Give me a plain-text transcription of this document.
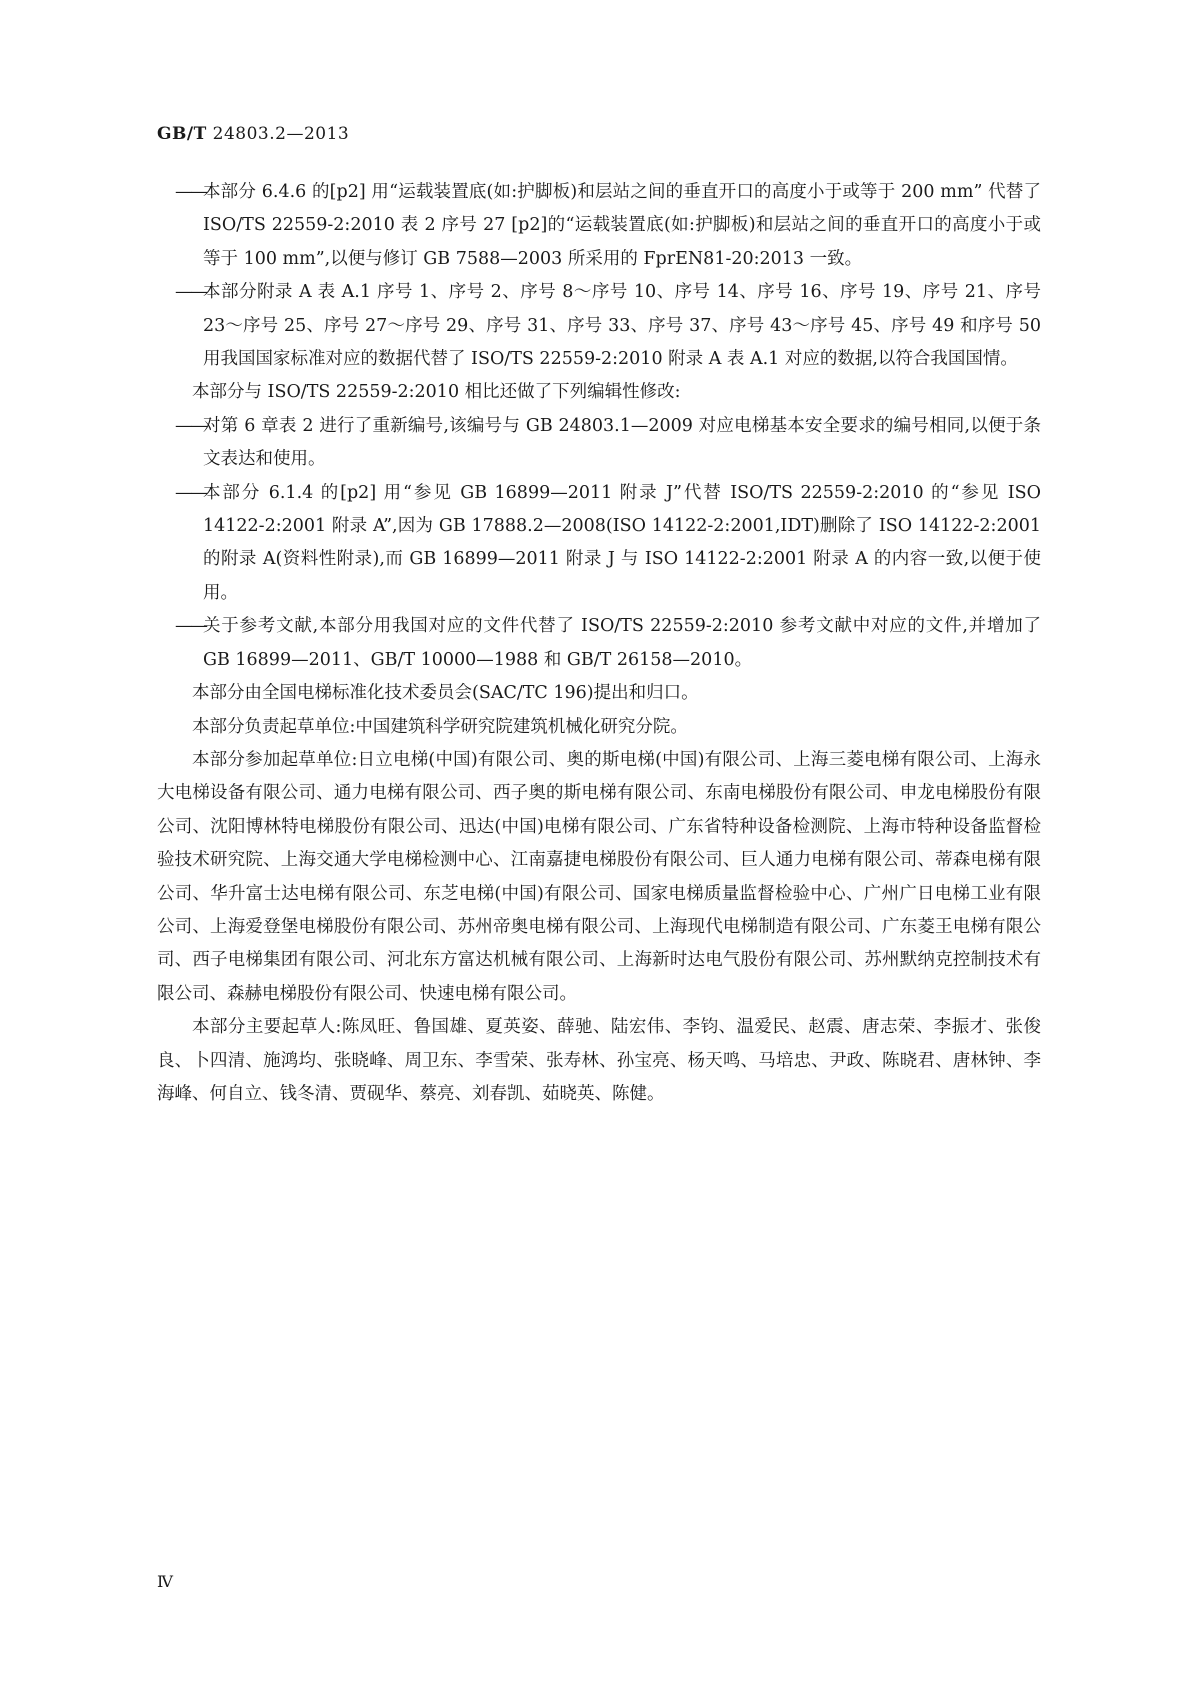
GB/T 24803.2—2013

——
本部分 6.4.6 的[p2] 用“运载装置底(如:护脚板)和层站之间的垂直开口的高度小于或等于 200 mm” 代替了 ISO/TS 22559-2:2010 表 2 序号 27 [p2]的“运载装置底(如:护脚板)和层站之间的垂直开口的高度小于或等于 100 mm”,以便与修订 GB 7588—2003 所采用的 FprEN81-20:2013 一致。

——
本部分附录 A 表 A.1 序号 1、序号 2、序号 8～序号 10、序号 14、序号 16、序号 19、序号 21、序号 23～序号 25、序号 27～序号 29、序号 31、序号 33、序号 37、序号 43～序号 45、序号 49 和序号 50 用我国国家标准对应的数据代替了 ISO/TS 22559-2:2010 附录 A 表 A.1 对应的数据,以符合我国国情。

本部分与 ISO/TS 22559-2:2010 相比还做了下列编辑性修改:

——
对第 6 章表 2 进行了重新编号,该编号与 GB 24803.1—2009 对应电梯基本安全要求的编号相同,以便于条文表达和使用。

——
本部分 6.1.4 的[p2] 用“参见 GB 16899—2011 附录 J”代替 ISO/TS 22559-2:2010 的“参见 ISO 14122-2:2001 附录 A”,因为 GB 17888.2—2008(ISO 14122-2:2001,IDT)删除了 ISO 14122-2:2001的附录 A(资料性附录),而 GB 16899—2011 附录 J 与 ISO 14122-2:2001 附录 A 的内容一致,以便于使用。

——
关于参考文献,本部分用我国对应的文件代替了 ISO/TS 22559-2:2010 参考文献中对应的文件,并增加了 GB 16899—2011、GB/T 10000—1988 和 GB/T 26158—2010。

本部分由全国电梯标准化技术委员会(SAC/TC 196)提出和归口。

本部分负责起草单位:中国建筑科学研究院建筑机械化研究分院。

本部分参加起草单位:日立电梯(中国)有限公司、奥的斯电梯(中国)有限公司、上海三菱电梯有限公司、上海永大电梯设备有限公司、通力电梯有限公司、西子奥的斯电梯有限公司、东南电梯股份有限公司、申龙电梯股份有限公司、沈阳博林特电梯股份有限公司、迅达(中国)电梯有限公司、广东省特种设备检测院、上海市特种设备监督检验技术研究院、上海交通大学电梯检测中心、江南嘉捷电梯股份有限公司、巨人通力电梯有限公司、蒂森电梯有限公司、华升富士达电梯有限公司、东芝电梯(中国)有限公司、国家电梯质量监督检验中心、广州广日电梯工业有限公司、上海爱登堡电梯股份有限公司、苏州帝奥电梯有限公司、上海现代电梯制造有限公司、广东菱王电梯有限公司、西子电梯集团有限公司、河北东方富达机械有限公司、上海新时达电气股份有限公司、苏州默纳克控制技术有限公司、森赫电梯股份有限公司、快速电梯有限公司。

本部分主要起草人:陈凤旺、鲁国雄、夏英姿、薛驰、陆宏伟、李钧、温爱民、赵震、唐志荣、李振才、张俊良、卜四清、施鸿均、张晓峰、周卫东、李雪荣、张寿林、孙宝亮、杨天鸣、马培忠、尹政、陈晓君、唐林钟、李海峰、何自立、钱冬清、贾砚华、蔡亮、刘春凯、茹晓英、陈健。

Ⅳ
